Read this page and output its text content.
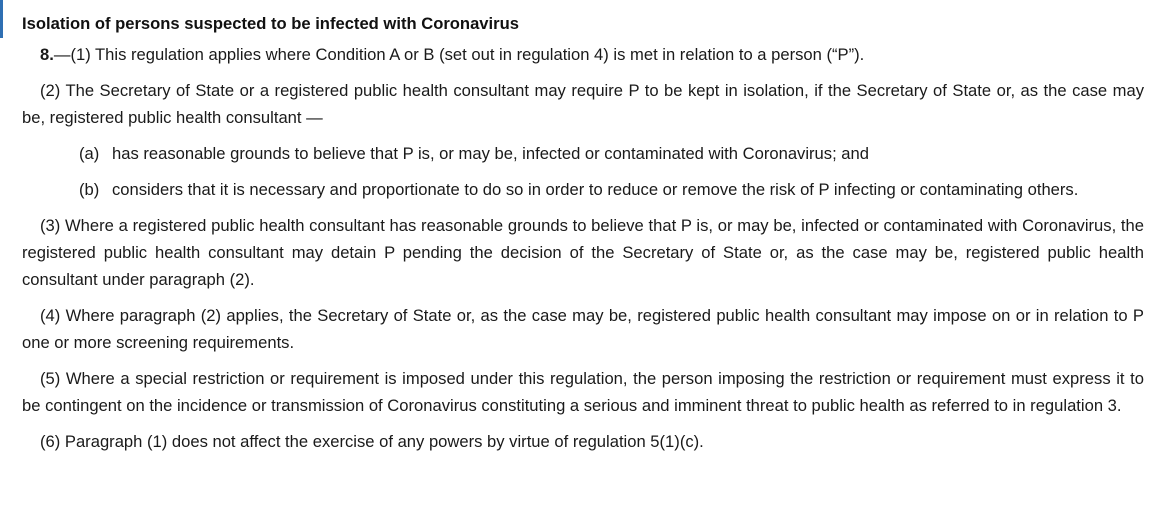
Isolation of persons suspected to be infected with Coronavirus

8.—(1) This regulation applies where Condition A or B (set out in regulation 4) is met in relation to a person (“P”).

(2) The Secretary of State or a registered public health consultant may require P to be kept in isolation, if the Secretary of State or, as the case may be, registered public health consultant —

(a) has reasonable grounds to believe that P is, or may be, infected or contaminated with Coronavirus; and
(b) considers that it is necessary and proportionate to do so in order to reduce or remove the risk of P infecting or contaminating others.

(3) Where a registered public health consultant has reasonable grounds to believe that P is, or may be, infected or contaminated with Coronavirus, the registered public health consultant may detain P pending the decision of the Secretary of State or, as the case may be, registered public health consultant under paragraph (2).

(4) Where paragraph (2) applies, the Secretary of State or, as the case may be, registered public health consultant may impose on or in relation to P one or more screening requirements.

(5) Where a special restriction or requirement is imposed under this regulation, the person imposing the restriction or requirement must express it to be contingent on the incidence or transmission of Coronavirus constituting a serious and imminent threat to public health as referred to in regulation 3.

(6) Paragraph (1) does not affect the exercise of any powers by virtue of regulation 5(1)(c).
